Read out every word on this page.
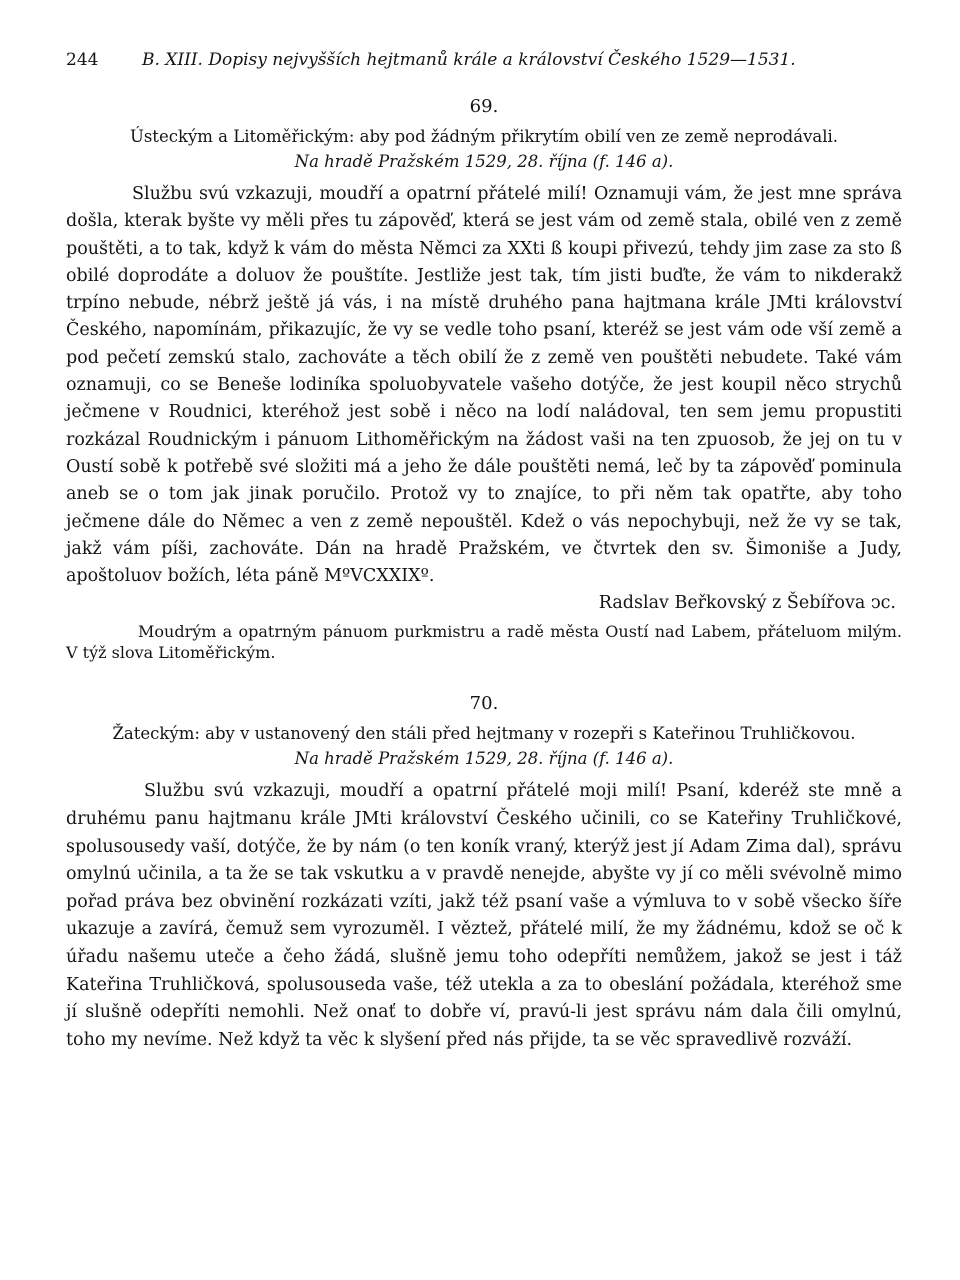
244	B. XIII. Dopisy nejvyšších hejtmanů krále a království Českého 1529—1531.
69.
Ústeckým a Litoměřickým: aby pod žádným přikrytím obilí ven ze země neprodávali.
Na hradě Pražském 1529, 28. října (f. 146 a).

Službu svú vzkazuji, moudří a opatrní přátelé milí! Oznamuji vám, že jest mne správa došla, kterak byšte vy měli přes tu zápověď, která se jest vám od země stala, obilé ven z země pouštěti, a to tak, když k vám do města Němci za XXti ß koupi přivezú, tehdy jim zase za sto ß obilé doprodáte a doluov že pouštíte. Jestliže jest tak, tím jisti buďte, že vám to nikderakž trpíno nebude, nébrž ještě já vás, i na místě druhého pana hajtmana krále JMti království Českého, napomínám, přikazujíc, že vy se vedle toho psaní, kteréž se jest vám ode vší země a pod pečetí zemskú stalo, zachováte a těch obilí že z země ven pouštěti nebudete. Také vám oznamuji, co se Beneše lodiníka spoluobyvatele vašeho dotýče, že jest koupil něco strychů ječmene v Roudnici, kteréhož jest sobě i něco na lodí naládoval, ten sem jemu propustiti rozkázal Roudnickým i pánuom Lithoměřickým na žádost vaši na ten zpuosob, že jej on tu v Oustí sobě k potřebě své složiti má a jeho že dále pouštěti nemá, leč by ta zápověď pominula aneb se o tom jak jinak poručilo. Protož vy to znajíce, to při něm tak opatřte, aby toho ječmene dále do Němec a ven z země nepouštěl. Kdež o vás nepochybuji, než že vy se tak, jakž vám píši, zachováte. Dán na hradě Pražském, ve čtvrtek den sv. Šimoniše a Judy, apoštoluov božích, léta páně MºVCXXIXº.

Radslav Beřkovský z Šebířova ͻc.
Moudrým a opatrným pánuom purkmistru a radě města Oustí nad Labem, přáteluom milým. V týž slova Litoměřickým.
70.
Žateckým: aby v ustanovený den stáli před hejtmany v rozepři s Kateřinou Truhličkovou.
Na hradě Pražském 1529, 28. října (f. 146 a).

Službu svú vzkazuji, moudří a opatrní přátelé moji milí! Psaní, kderéž ste mně a druhému panu hajtmanu krále JMti království Českého učinili, co se Kateřiny Truhličkové, spolusousedy vaší, dotýče, že by nám (o ten koník vraný, kterýž jest jí Adam Zima dal), správu omylnú učinila, a ta že se tak vskutku a v pravdě nenejde, abyšte vy jí co měli svévolně mimo pořad práva bez obvinění rozkázati vzíti, jakž též psaní vaše a výmluva to v sobě všecko šíře ukazuje a zavírá, čemuž sem vyrozuměl. I věztež, přátelé milí, že my žádnému, kdož se oč k úřadu našemu uteče a čeho žádá, slušně jemu toho odepříti nemůžem, jakož se jest i táž Kateřina Truhličková, spolusouseda vaše, též utekla a za to obeslání požádala, kteréhož sme jí slušně odepříti nemohli. Než onať to dobře ví, pravú-li jest správu nám dala čili omylnú, toho my nevíme. Než když ta věc k slyšení před nás přijde, ta se věc spravedlivě rozváží.
